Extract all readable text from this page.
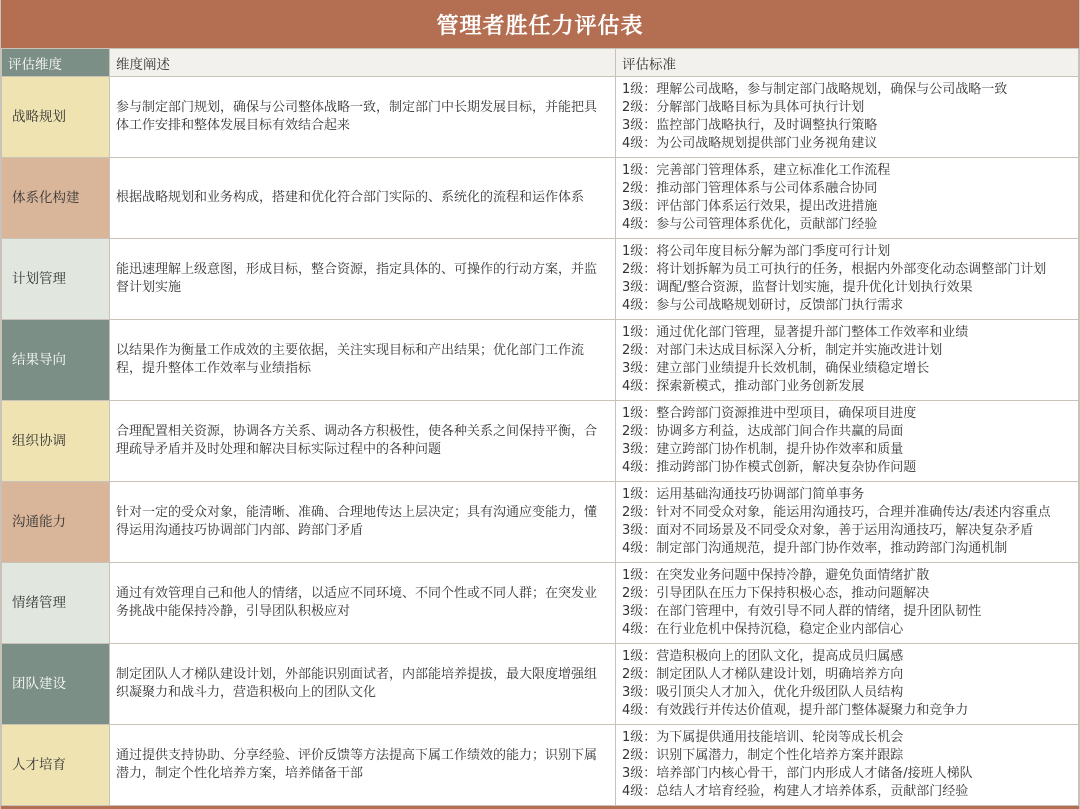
管理者胜任力评估表
评估维度	维度阐述	评估标准
战略规划	参与制定部门规划，确保与公司整体战略一致，制定部门中长期发展目标，并能把具体工作安排和整体发展目标有效结合起来	1级：理解公司战略，参与制定部门战略规划，确保与公司战略一致
2级：分解部门战略目标为具体可执行计划
3级：监控部门战略执行，及时调整执行策略
4级：为公司战略规划提供部门业务视角建议

体系化构建	根据战略规划和业务构成，搭建和优化符合部门实际的、系统化的流程和运作体系	1级：完善部门管理体系，建立标准化工作流程
2级：推动部门管理体系与公司体系融合协同
3级：评估部门体系运行效果，提出改进措施
4级：参与公司管理体系优化，贡献部门经验

计划管理	能迅速理解上级意图，形成目标，整合资源，指定具体的、可操作的行动方案，并监督计划实施	1级：将公司年度目标分解为部门季度可行计划
2级：将计划拆解为员工可执行的任务，根据内外部变化动态调整部门计划
3级：调配/整合资源，监督计划实施，提升优化计划执行效果
4级：参与公司战略规划研讨，反馈部门执行需求

结果导向	以结果作为衡量工作成效的主要依据，关注实现目标和产出结果；优化部门工作流程，提升整体工作效率与业绩指标	1级：通过优化部门管理，显著提升部门整体工作效率和业绩
2级：对部门未达成目标深入分析，制定并实施改进计划
3级：建立部门业绩提升长效机制，确保业绩稳定增长
4级：探索新模式，推动部门业务创新发展

组织协调	合理配置相关资源，协调各方关系、调动各方积极性，使各种关系之间保持平衡，合理疏导矛盾并及时处理和解决目标实际过程中的各种问题	1级：整合跨部门资源推进中型项目，确保项目进度
2级：协调多方利益，达成部门间合作共赢的局面
3级：建立跨部门协作机制，提升协作效率和质量
4级：推动跨部门协作模式创新，解决复杂协作问题

沟通能力	针对一定的受众对象，能清晰、准确、合理地传达上层决定；具有沟通应变能力，懂得运用沟通技巧协调部门内部、跨部门矛盾	1级：运用基础沟通技巧协调部门简单事务
2级：针对不同受众对象，能运用沟通技巧，合理并准确传达/表述内容重点
3级：面对不同场景及不同受众对象，善于运用沟通技巧，解决复杂矛盾
4级：制定部门沟通规范，提升部门协作效率，推动跨部门沟通机制

情绪管理	通过有效管理自己和他人的情绪，以适应不同环境、不同个性或不同人群；在突发业务挑战中能保持冷静，引导团队积极应对	1级：在突发业务问题中保持冷静，避免负面情绪扩散
2级：引导团队在压力下保持积极心态，推动问题解决
3级：在部门管理中，有效引导不同人群的情绪，提升团队韧性
4级：在行业危机中保持沉稳，稳定企业内部信心

团队建设	制定团队人才梯队建设计划，外部能识别面试者，内部能培养提拔，最大限度增强组织凝聚力和战斗力，营造积极向上的团队文化	1级：营造积极向上的团队文化，提高成员归属感
2级：制定团队人才梯队建设计划，明确培养方向
3级：吸引顶尖人才加入，优化升级团队人员结构
4级：有效践行并传达价值观，提升部门整体凝聚力和竞争力

人才培育	通过提供支持协助、分享经验、评价反馈等方法提高下属工作绩效的能力；识别下属潜力，制定个性化培养方案，培养储备干部	1级：为下属提供通用技能培训、轮岗等成长机会
2级：识别下属潜力，制定个性化培养方案并跟踪
3级：培养部门内核心骨干，部门内形成人才储备/接班人梯队
4级：总结人才培育经验，构建人才培养体系，贡献部门经验
